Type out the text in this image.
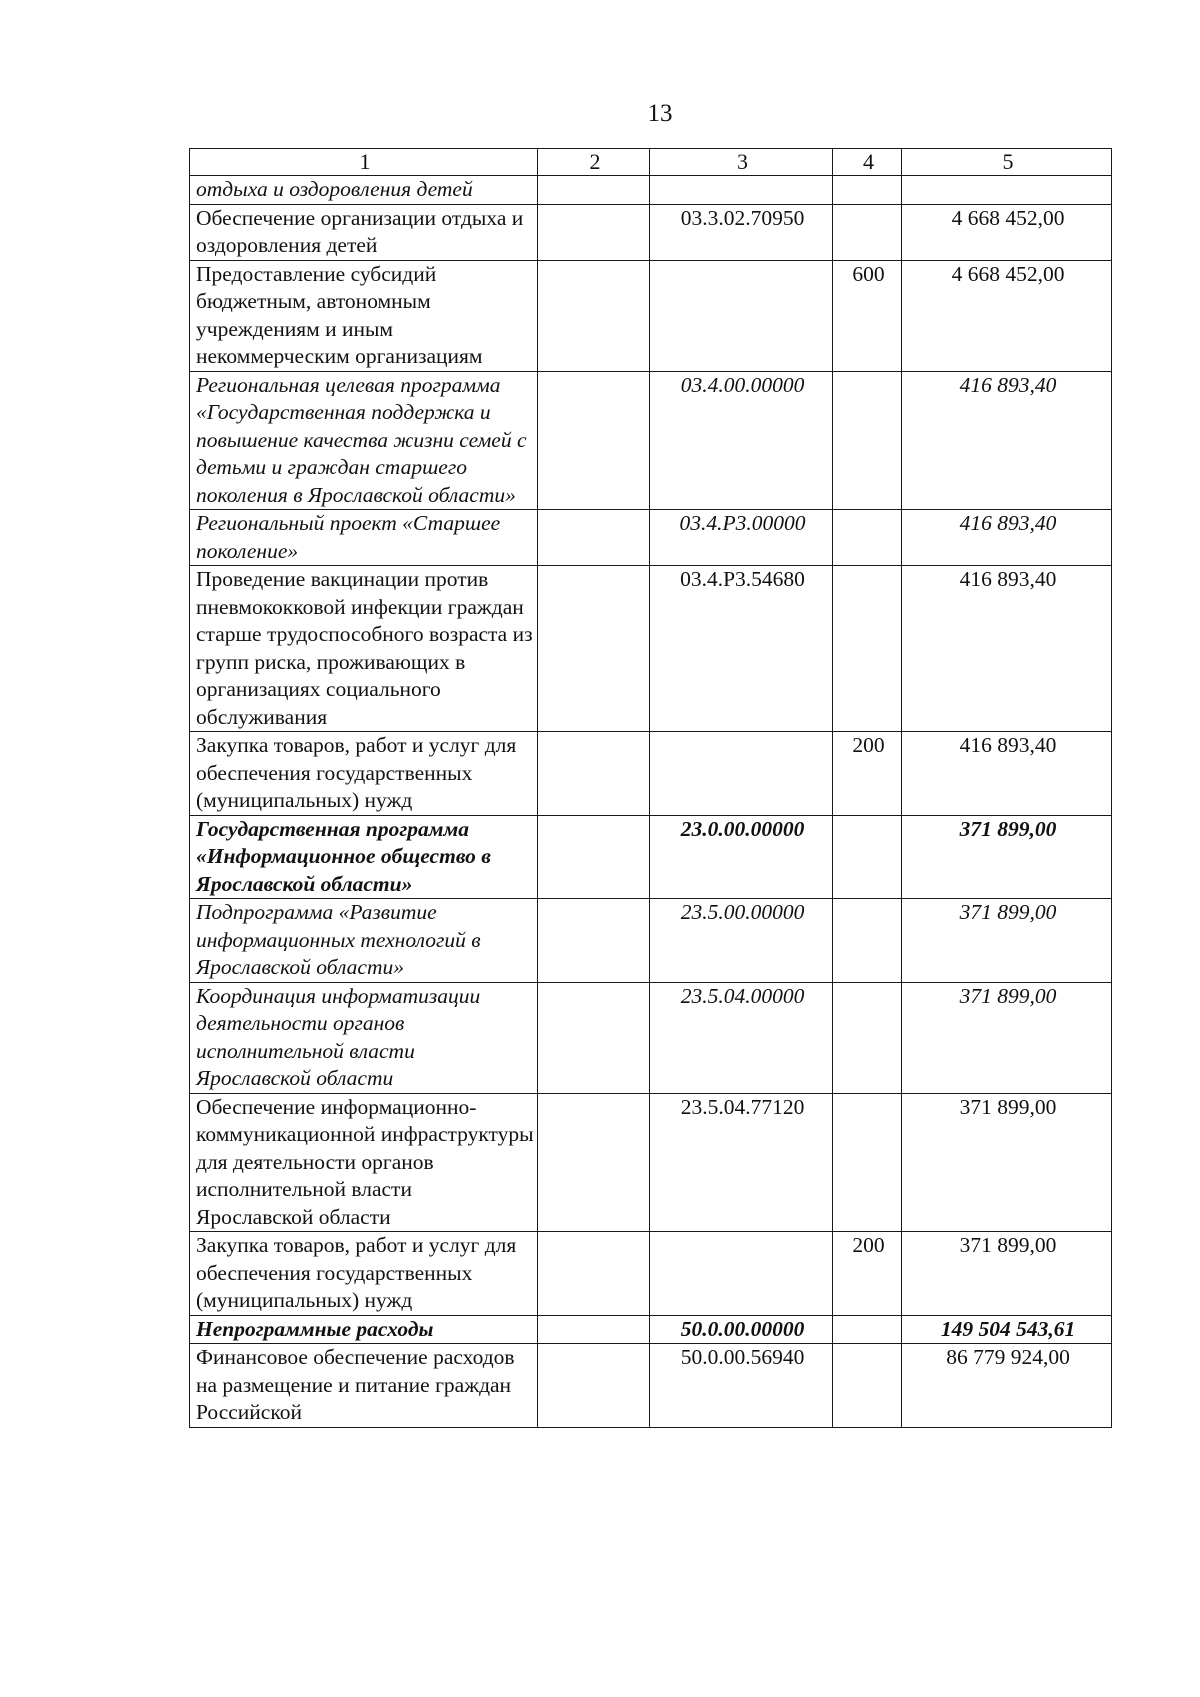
13
1	2	3	4	5
отдыха и оздоровления детей				
Обеспечение организации отдыха и оздоровления детей		03.3.02.70950		4 668 452,00
Предоставление субсидий бюджетным, автономным учреждениям и иным некоммерческим организациям			600	4 668 452,00
Региональная целевая программа «Государственная поддержка и повышение качества жизни семей с детьми и граждан старшего поколения в Ярославской области»		03.4.00.00000		416 893,40
Региональный проект «Старшее поколение»		03.4.P3.00000		416 893,40
Проведение вакцинации против пневмококковой инфекции граждан старше трудоспособного возраста из групп риска, проживающих в организациях социального обслуживания		03.4.P3.54680		416 893,40
Закупка товаров, работ и услуг для обеспечения государственных (муниципальных) нужд			200	416 893,40
Государственная программа «Информационное общество в Ярославской области»		23.0.00.00000		371 899,00
Подпрограмма «Развитие информационных технологий в Ярославской области»		23.5.00.00000		371 899,00
Координация информатизации деятельности органов исполнительной власти Ярославской области		23.5.04.00000		371 899,00
Обеспечение информационно-коммуникационной инфраструктуры для деятельности органов исполнительной власти Ярославской области		23.5.04.77120		371 899,00
Закупка товаров, работ и услуг для обеспечения государственных (муниципальных) нужд			200	371 899,00
Непрограммные расходы		50.0.00.00000		149 504 543,61
Финансовое обеспечение расходов на размещение и питание граждан Российской		50.0.00.56940		86 779 924,00
